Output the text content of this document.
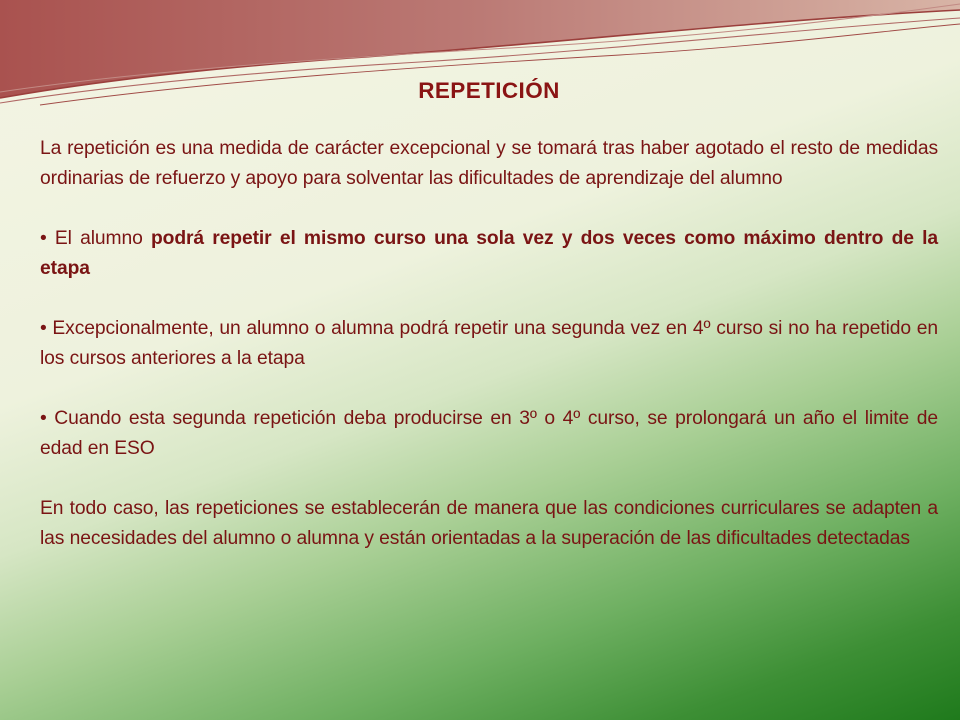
REPETICIÓN

La repetición es una medida de carácter excepcional y se tomará tras haber agotado el resto de medidas ordinarias de refuerzo y apoyo para solventar las dificultades de aprendizaje del alumno

• El alumno podrá repetir el mismo curso una sola vez y dos veces como máximo dentro de la etapa

• Excepcionalmente, un alumno o alumna podrá repetir una segunda vez en 4º curso si no ha repetido en los cursos anteriores a la etapa

• Cuando esta segunda repetición deba producirse en 3º o 4º curso, se prolongará un año el limite de edad en ESO

En todo caso, las repeticiones se establecerán de manera que las condiciones curriculares se adapten a las necesidades del alumno o alumna y están orientadas a la superación de las dificultades detectadas
